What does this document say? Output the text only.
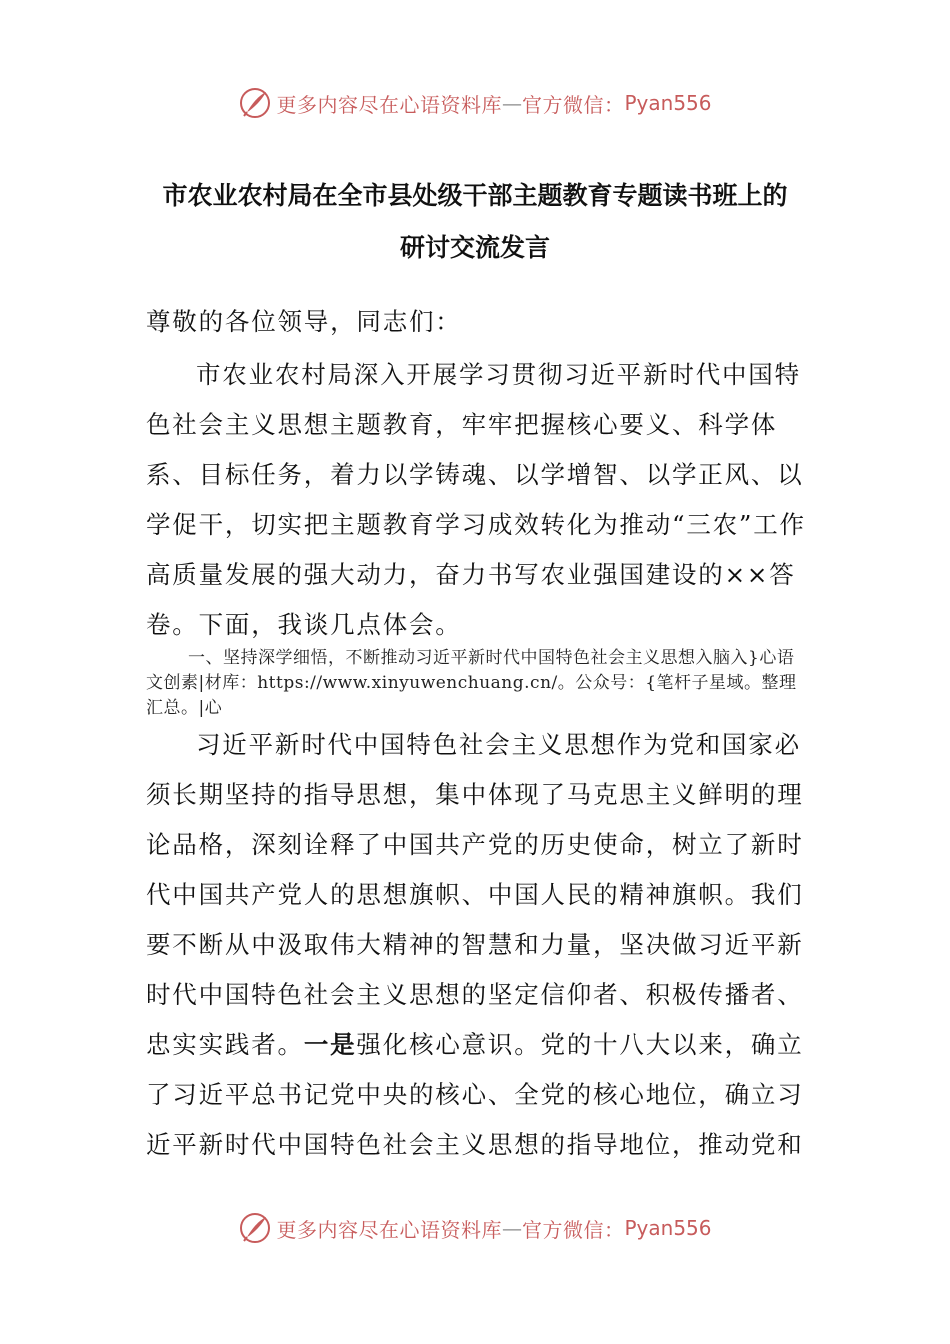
更多内容尽在心语资料库 — 官方微信： Pyan556
市农业农村局在全市县处级干部主题教育专题读书班上的
研讨交流发言
尊敬的各位领导，同志们：
市农业农村局深入开展学习贯彻习近平新时代中国特色社会主义思想主题教育，牢牢把握核心要义、科学体系、目标任务，着力以学铸魂、以学增智、以学正风、以学促干，切实把主题教育学习成效转化为推动“三农”工作高质量发展的强大动力，奋力书写农业强国建设的××答卷。下面，我谈几点体会。
一、坚持深学细悟，不断推动习近平新时代中国特色社会主义思想入脑入}心语文创素|材库：https://www.xinyuwenchuang.cn/。公众号：{笔杆子星域。整理汇总。|心
习近平新时代中国特色社会主义思想作为党和国家必须长期坚持的指导思想，集中体现了马克思主义鲜明的理论品格，深刻诠释了中国共产党的历史使命，树立了新时代中国共产党人的思想旗帜、中国人民的精神旗帜。我们要不断从中汲取伟大精神的智慧和力量，坚决做习近平新时代中国特色社会主义思想的坚定信仰者、积极传播者、忠实实践者。一是强化核心意识。党的十八大以来，确立了习近平总书记党中央的核心、全党的核心地位，确立习近平新时代中国特色社会主义思想的指导地位，推动党和
更多内容尽在心语资料库 — 官方微信： Pyan556
